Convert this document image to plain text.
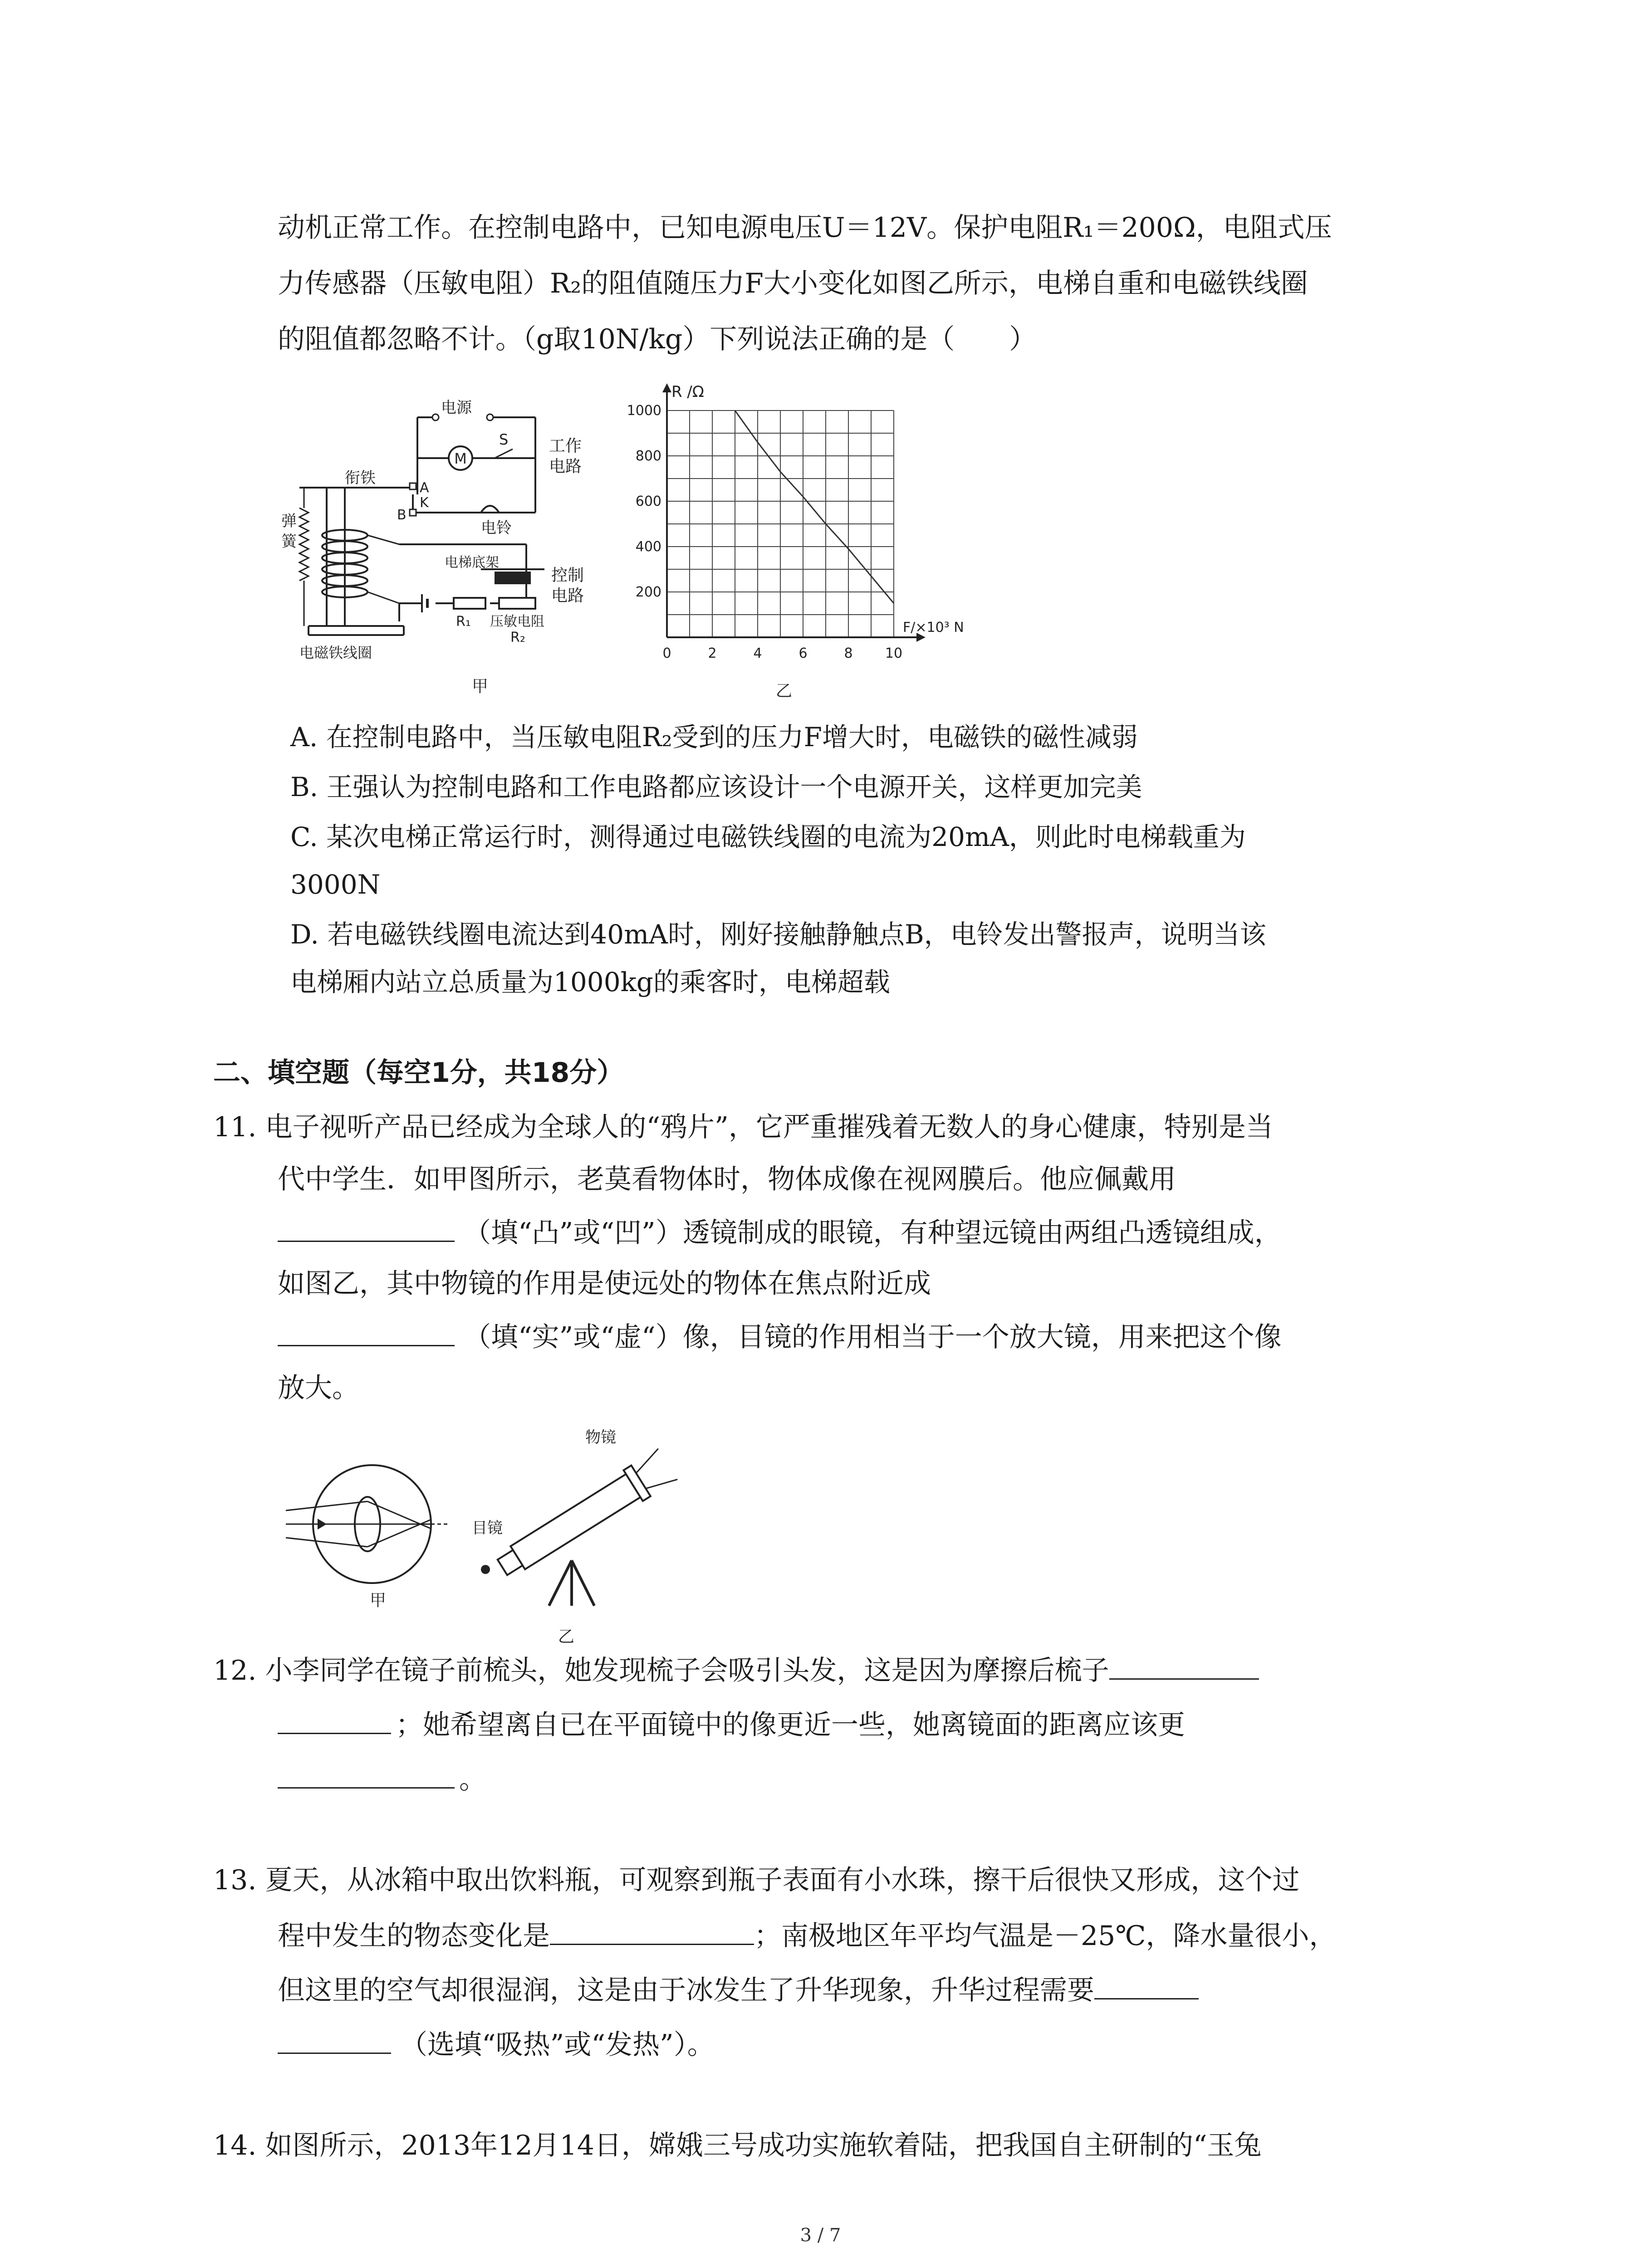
动机正常工作。在控制电路中，已知电源电压U＝12V。保护电阻R₁＝200Ω，电阻式压
力传感器（压敏电阻）R₂的阻值随压力F大小变化如图乙所示，电梯自重和电磁铁线圈
的阻值都忽略不计。（g取10N/kg）下列说法正确的是（　　）
M
S
电源
工作
电路
衔铁
A
K
B
电铃
弹
簧
电梯底架
控制
电路
R₁ 压敏电阻
R₂
电磁铁线圈
甲
0	2	4	6	8 10
200
400
600
800
1000
R /Ω
F/×10³ N
乙
A. 在控制电路中，当压敏电阻R₂受到的压力F增大时，电磁铁的磁性减弱
B. 王强认为控制电路和工作电路都应该设计一个电源开关，这样更加完美
C. 某次电梯正常运行时，测得通过电磁铁线圈的电流为20mA，则此时电梯载重为
3000N
D. 若电磁铁线圈电流达到40mA时，刚好接触静触点B，电铃发出警报声，说明当该
电梯厢内站立总质量为1000kg的乘客时，电梯超载
二、填空题（每空1分，共18分）
11. 电子视听产品已经成为全球人的“鸦片”，它严重摧残着无数人的身心健康，特别是当
代中学生．如甲图所示，老莫看物体时，物体成像在视网膜后。他应佩戴用
（填“凸”或“凹”）透镜制成的眼镜，有种望远镜由两组凸透镜组成，
如图乙，其中物镜的作用是使远处的物体在焦点附近成
（填“实”或“虚“）像，目镜的作用相当于一个放大镜，用来把这个像
放大。
甲
物镜
目镜
乙
12. 小李同学在镜子前梳头，她发现梳子会吸引头发，这是因为摩擦后梳子
；她希望离自已在平面镜中的像更近一些，她离镜面的距离应该更
。
13. 夏天，从冰箱中取出饮料瓶，可观察到瓶子表面有小水珠，擦干后很快又形成，这个过
程中发生的物态变化是	；南极地区年平均气温是－25℃，降水量很小，
但这里的空气却很湿润，这是由于冰发生了升华现象，升华过程需要
（选填“吸热”或“发热”）。
14. 如图所示，2013年12月14日，嫦娥三号成功实施软着陆，把我国自主研制的“玉兔
3 / 7
